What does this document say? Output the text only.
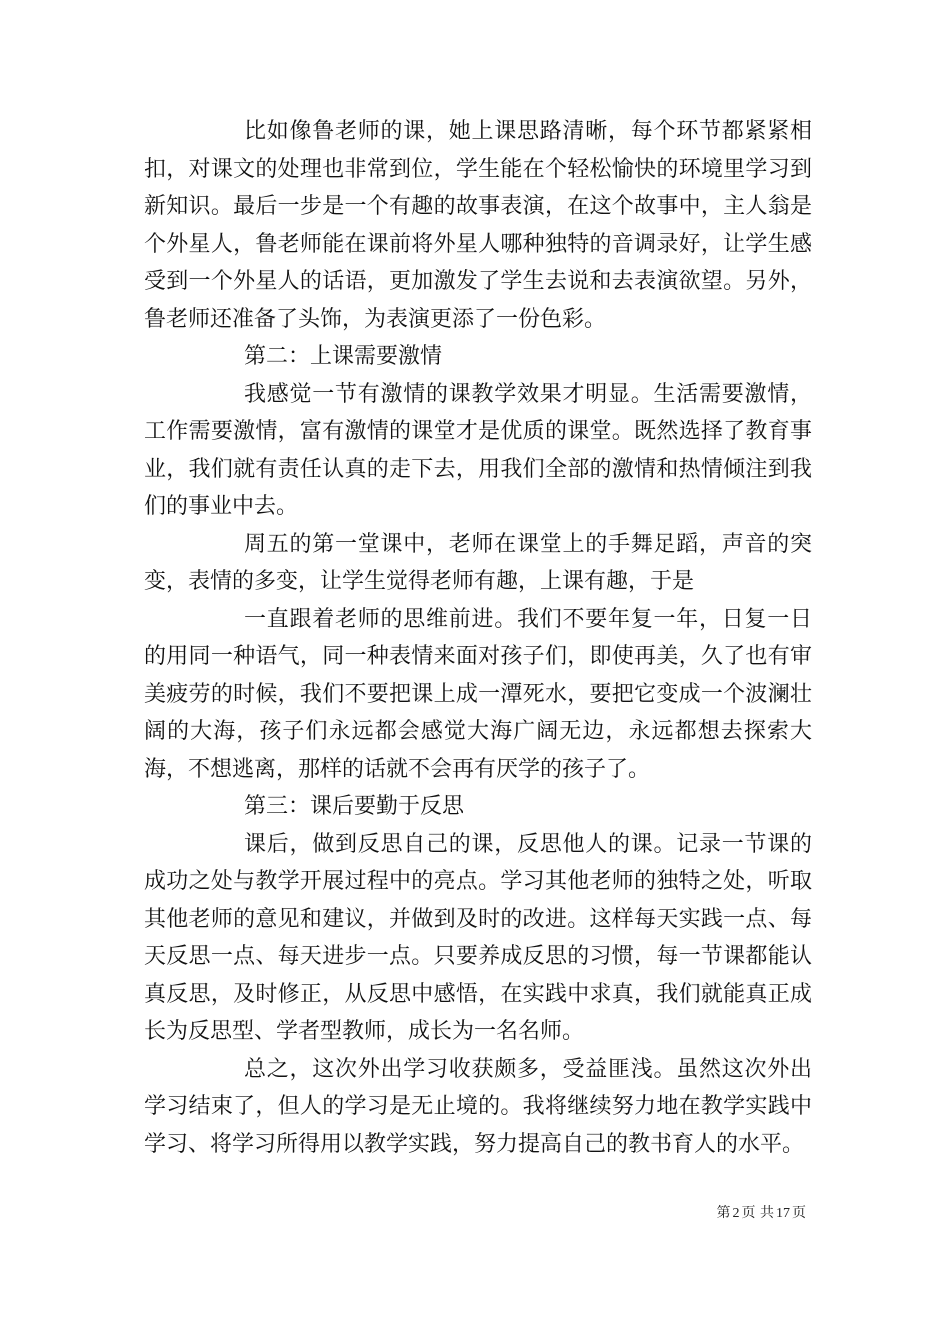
比如像鲁老师的课，她上课思路清晰，每个环节都紧紧相扣，对课文的处理也非常到位，学生能在个轻松愉快的环境里学习到新知识。最后一步是一个有趣的故事表演，在这个故事中，主人翁是个外星人，鲁老师能在课前将外星人哪种独特的音调录好，让学生感受到一个外星人的话语，更加激发了学生去说和去表演欲望。另外，鲁老师还准备了头饰，为表演更添了一份色彩。

第二：上课需要激情

我感觉一节有激情的课教学效果才明显。生活需要激情，工作需要激情，富有激情的课堂才是优质的课堂。既然选择了教育事业，我们就有责任认真的走下去，用我们全部的激情和热情倾注到我们的事业中去。

周五的第一堂课中，老师在课堂上的手舞足蹈，声音的突变，表情的多变，让学生觉得老师有趣，上课有趣，于是

一直跟着老师的思维前进。我们不要年复一年，日复一日的用同一种语气，同一种表情来面对孩子们，即使再美，久了也有审美疲劳的时候，我们不要把课上成一潭死水，要把它变成一个波澜壮阔的大海，孩子们永远都会感觉大海广阔无边，永远都想去探索大海，不想逃离，那样的话就不会再有厌学的孩子了。

第三：课后要勤于反思

课后，做到反思自己的课，反思他人的课。记录一节课的成功之处与教学开展过程中的亮点。学习其他老师的独特之处，听取其他老师的意见和建议，并做到及时的改进。这样每天实践一点、每天反思一点、每天进步一点。只要养成反思的习惯，每一节课都能认真反思，及时修正，从反思中感悟，在实践中求真，我们就能真正成长为反思型、学者型教师，成长为一名名师。

总之，这次外出学习收获颇多，受益匪浅。虽然这次外出学习结束了，但人的学习是无止境的。我将继续努力地在教学实践中学习、将学习所得用以教学实践，努力提高自己的教书育人的水平。

第 2 页 共 17 页
